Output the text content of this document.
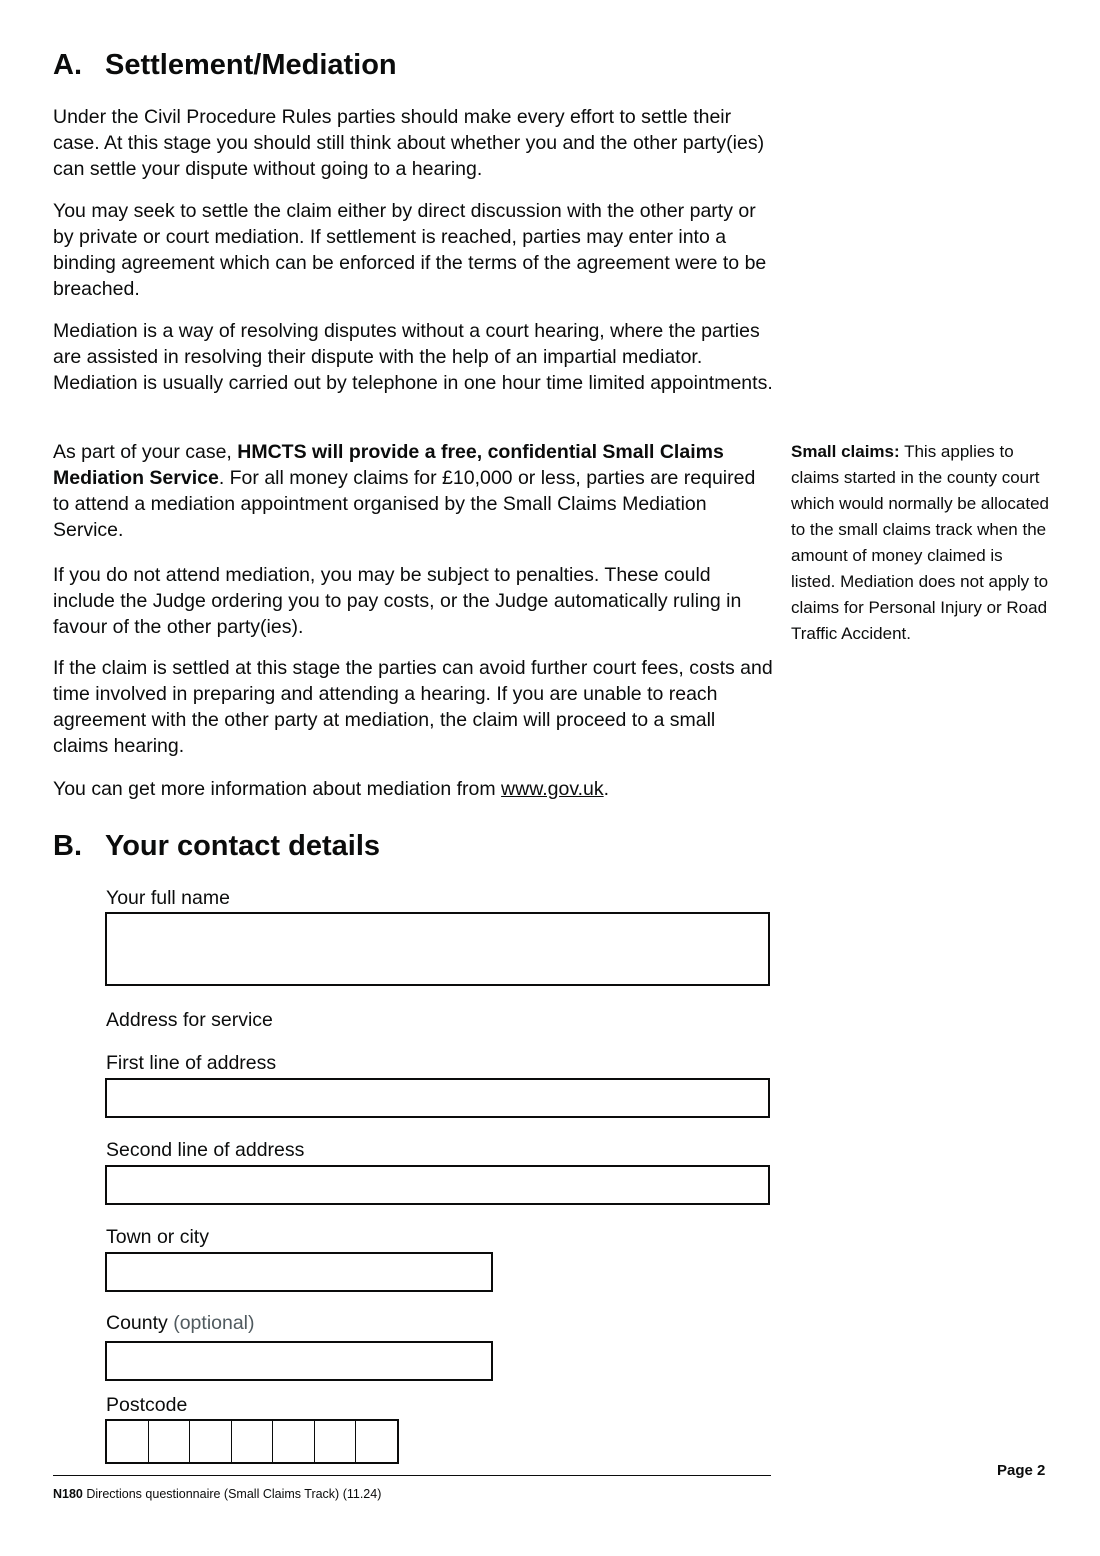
A. Settlement/Mediation

Under the Civil Procedure Rules parties should make every effort to settle their case. At this stage you should still think about whether you and the other party(ies) can settle your dispute without going to a hearing.

You may seek to settle the claim either by direct discussion with the other party or by private or court mediation. If settlement is reached, parties may enter into a binding agreement which can be enforced if the terms of the agreement were to be breached.

Mediation is a way of resolving disputes without a court hearing, where the parties are assisted in resolving their dispute with the help of an impartial mediator. Mediation is usually carried out by telephone in one hour time limited appointments.

As part of your case, HMCTS will provide a free, confidential Small Claims Mediation Service. For all money claims for £10,000 or less, parties are required to attend a mediation appointment organised by the Small Claims Mediation Service.

If you do not attend mediation, you may be subject to penalties. These could include the Judge ordering you to pay costs, or the Judge automatically ruling in favour of the other party(ies).

If the claim is settled at this stage the parties can avoid further court fees, costs and time involved in preparing and attending a hearing. If you are unable to reach agreement with the other party at mediation, the claim will proceed to a small claims hearing.

You can get more information about mediation from www.gov.uk.

Small claims: This applies to claims started in the county court which would normally be allocated to the small claims track when the amount of money claimed is listed. Mediation does not apply to claims for Personal Injury or Road Traffic Accident.
B. Your contact details
Your full name
Address for service
First line of address
Second line of address
Town or city
County (optional)
Postcode
N180 Directions questionnaire (Small Claims Track) (11.24)
Page 2
